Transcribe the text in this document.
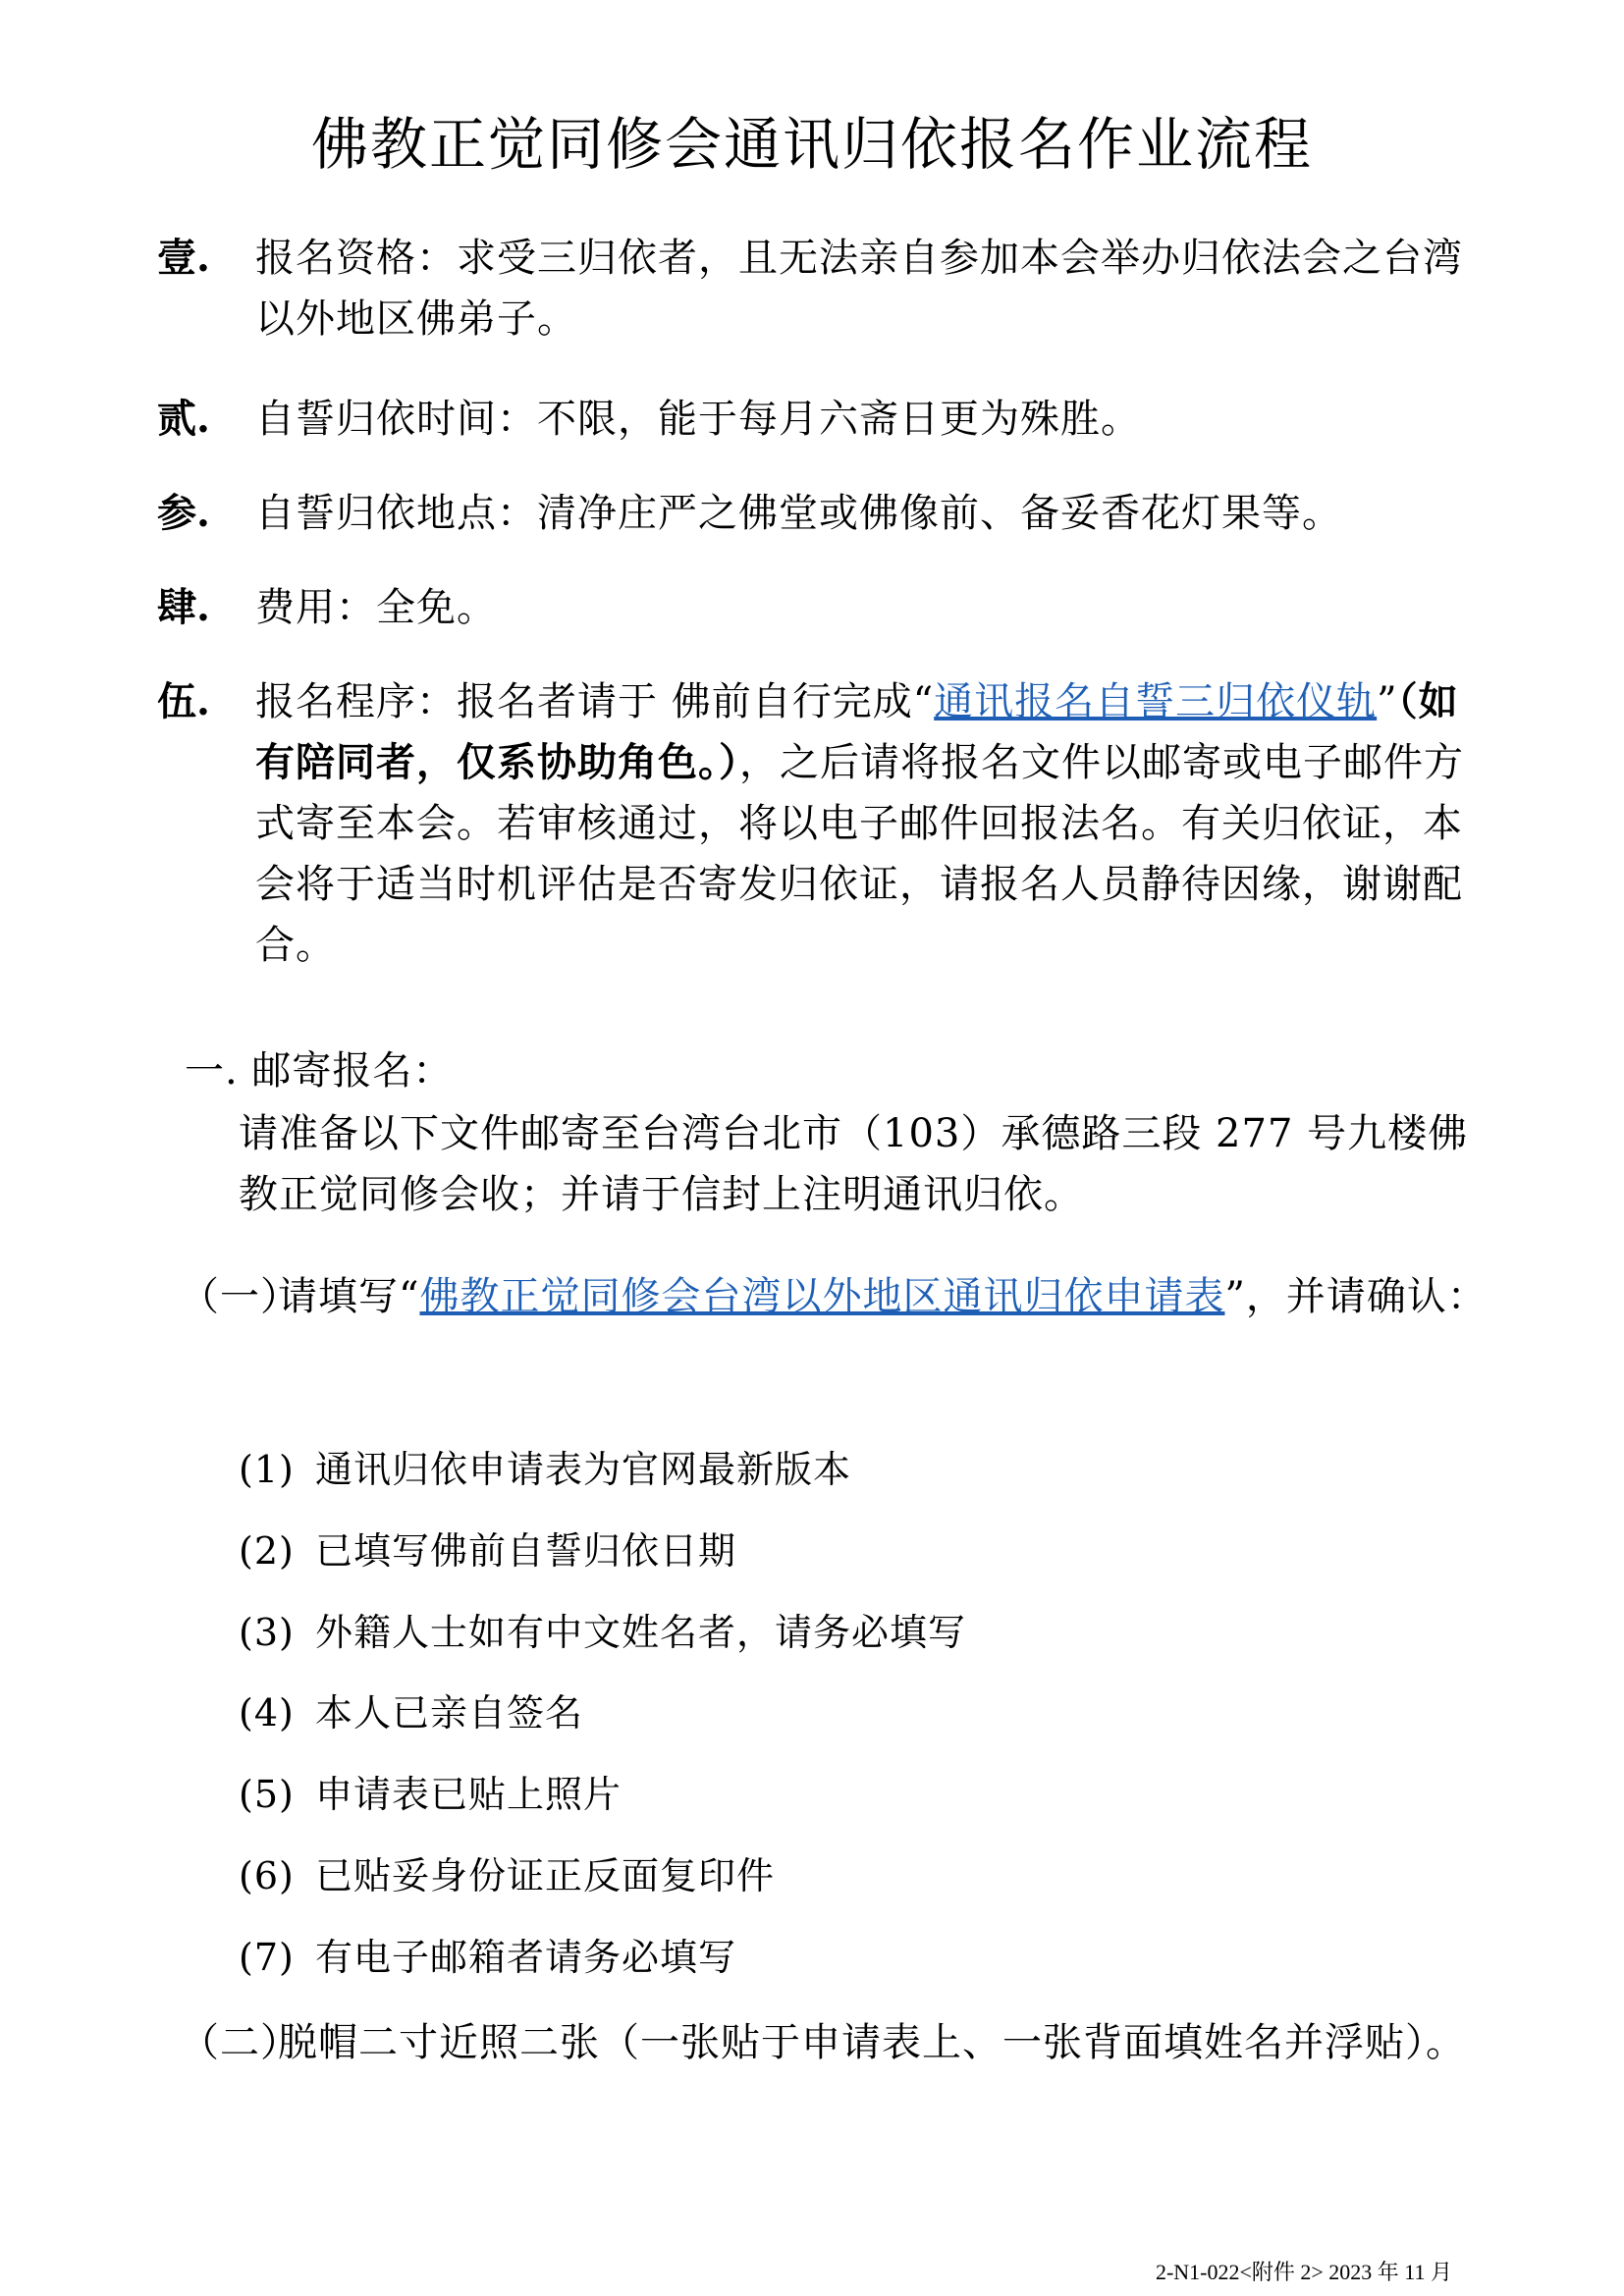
佛教正觉同修会通讯归依报名作业流程
壹. 报名资格：求受三归依者，且无法亲自参加本会举办归依法会之台湾以外地区佛弟子。
贰. 自誓归依时间：不限，能于每月六斋日更为殊胜。
参. 自誓归依地点：清净庄严之佛堂或佛像前、备妥香花灯果等。
肆. 费用：全免。
伍. 报名程序：报名者请于 佛前自行完成“通讯报名自誓三归依仪轨”（如有陪同者，仅系协助角色。），之后请将报名文件以邮寄或电子邮件方式寄至本会。若审核通过，将以电子邮件回报法名。有关归依证，本会将于适当时机评估是否寄发归依证，请报名人员静待因缘，谢谢配合。
一. 邮寄报名：
请准备以下文件邮寄至台湾台北市（103）承德路三段 277 号九楼佛教正觉同修会收；并请于信封上注明通讯归依。
（一）
请填写“佛教正觉同修会台湾以外地区通讯归依申请表”，并请确认：
(1) 通讯归依申请表为官网最新版本
(2) 已填写佛前自誓归依日期
(3) 外籍人士如有中文姓名者，请务必填写
(4) 本人已亲自签名
(5) 申请表已贴上照片
(6) 已贴妥身份证正反面复印件
(7) 有电子邮箱者请务必填写
（二）
脱帽二寸近照二张（一张贴于申请表上、一张背面填姓名并浮贴）。
2-N1-022<附件 2> 2023 年 11 月
